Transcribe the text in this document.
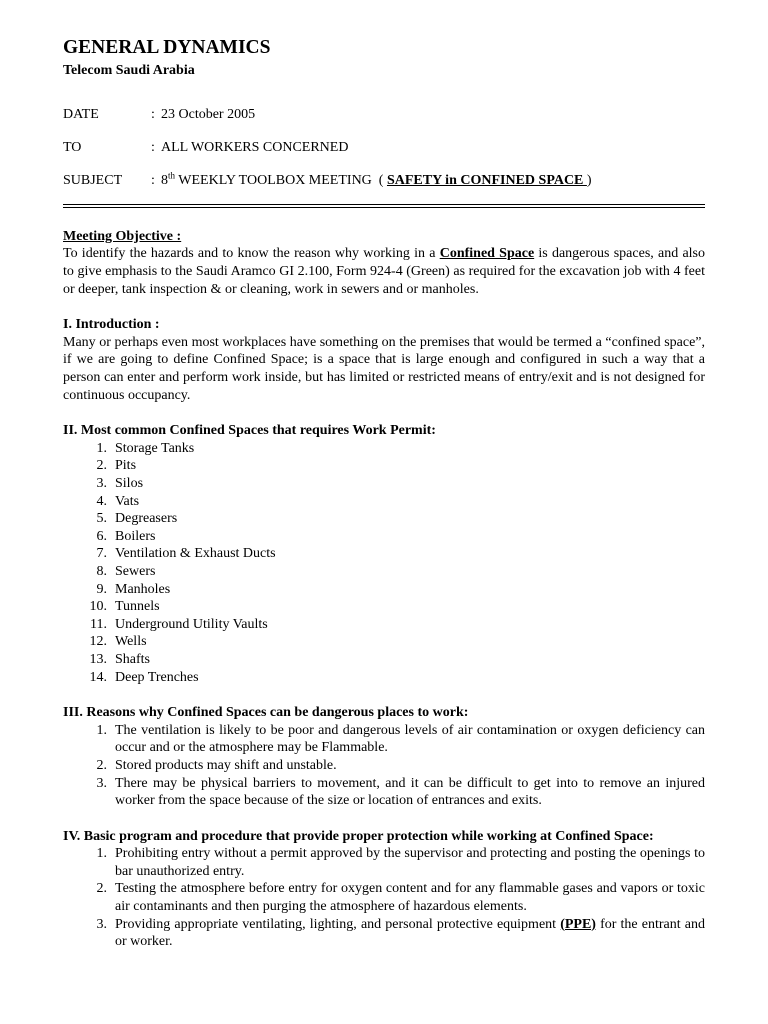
GENERAL DYNAMICS

Telecom Saudi Arabia

DATE	: 23 October 2005
TO	: ALL WORKERS CONCERNED
SUBJECT	: 8th WEEKLY TOOLBOX MEETING  ( SAFETY in CONFINED SPACE )
Meeting Objective :

To identify the hazards and to know the reason why working in a Confined Space is dangerous spaces, and also to give emphasis to the Saudi Aramco GI 2.100, Form 924-4 (Green) as required for the excavation job with 4 feet or deeper, tank inspection & or cleaning, work in sewers and or manholes.

I. Introduction :

Many or perhaps even most workplaces have something on the premises that would be termed a “confined space”, if we are going to define Confined Space; is a space that is large enough and configured in such a way that a person can enter and perform work inside, but has limited or restricted means of entry/exit and is not designed for continuous occupancy.

II. Most common Confined Spaces that requires Work Permit:
1. Storage Tanks
2. Pits
3. Silos
4. Vats
5. Degreasers
6. Boilers
7. Ventilation & Exhaust Ducts
8. Sewers
9. Manholes
10. Tunnels
11. Underground Utility Vaults
12. Wells
13. Shafts
14. Deep Trenches
III. Reasons why Confined Spaces can be dangerous places to work:
1. The ventilation is likely to be poor and dangerous levels of air contamination or oxygen deficiency can occur and or the atmosphere may be Flammable.
2. Stored products may shift and unstable.
3. There may be physical barriers to movement, and it can be difficult to get into to remove an injured worker from the space because of the size or location of entrances and exits.
IV. Basic program and procedure that provide proper protection while working at Confined Space:
1. Prohibiting entry without a permit approved by the supervisor and protecting and posting the openings to bar unauthorized entry.
2. Testing the atmosphere before entry for oxygen content and for any flammable gases and vapors or toxic air contaminants and then purging the atmosphere of hazardous elements.
3. Providing appropriate ventilating, lighting, and personal protective equipment (PPE) for the entrant and or worker.
